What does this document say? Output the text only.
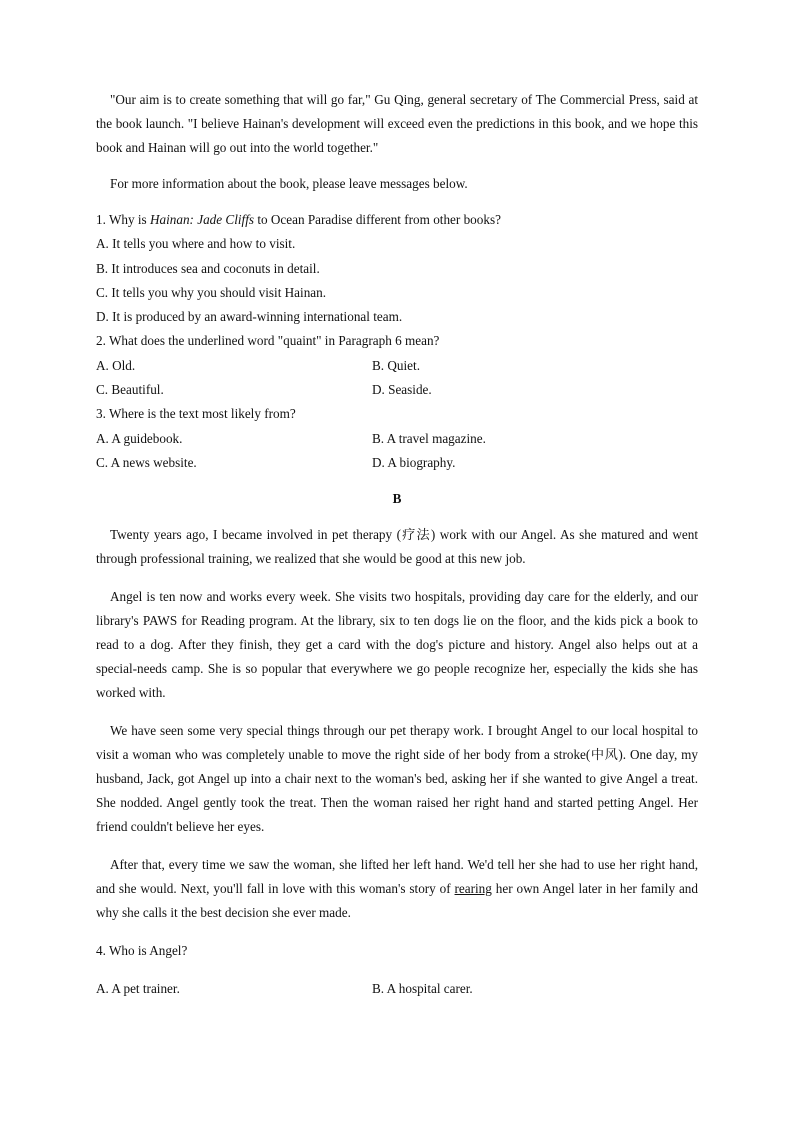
"Our aim is to create something that will go far," Gu Qing, general secretary of The Commercial Press, said at the book launch. "I believe Hainan's development will exceed even the predictions in this book, and we hope this book and Hainan will go out into the world together."

For more information about the book, please leave messages below.

1. Why is Hainan: Jade Cliffs to Ocean Paradise different from other books?

A. It tells you where and how to visit.

B. It introduces sea and coconuts in detail.

C. It tells you why you should visit Hainan.

D. It is produced by an award-winning international team.

2. What does the underlined word "quaint" in Paragraph 6 mean?

A. Old.	B. Quiet.
C. Beautiful.	D. Seaside.

3. Where is the text most likely from?

A. A guidebook.	B. A travel magazine.
C. A news website.	D. A biography.
B

Twenty years ago, I became involved in pet therapy (疗法) work with our Angel. As she matured and went through professional training, we realized that she would be good at this new job.

Angel is ten now and works every week. She visits two hospitals, providing day care for the elderly, and our library's PAWS for Reading program. At the library, six to ten dogs lie on the floor, and the kids pick a book to read to a dog. After they finish, they get a card with the dog's picture and history. Angel also helps out at a special-needs camp. She is so popular that everywhere we go people recognize her, especially the kids she has worked with.

We have seen some very special things through our pet therapy work. I brought Angel to our local hospital to visit a woman who was completely unable to move the right side of her body from a stroke(中风). One day, my husband, Jack, got Angel up into a chair next to the woman's bed, asking her if she wanted to give Angel a treat. She nodded. Angel gently took the treat. Then the woman raised her right hand and started petting Angel. Her friend couldn't believe her eyes.

After that, every time we saw the woman, she lifted her left hand. We'd tell her she had to use her right hand, and she would. Next, you'll fall in love with this woman's story of rearing her own Angel later in her family and why she calls it the best decision she ever made.

4. Who is Angel?

A. A pet trainer.	B. A hospital carer.
